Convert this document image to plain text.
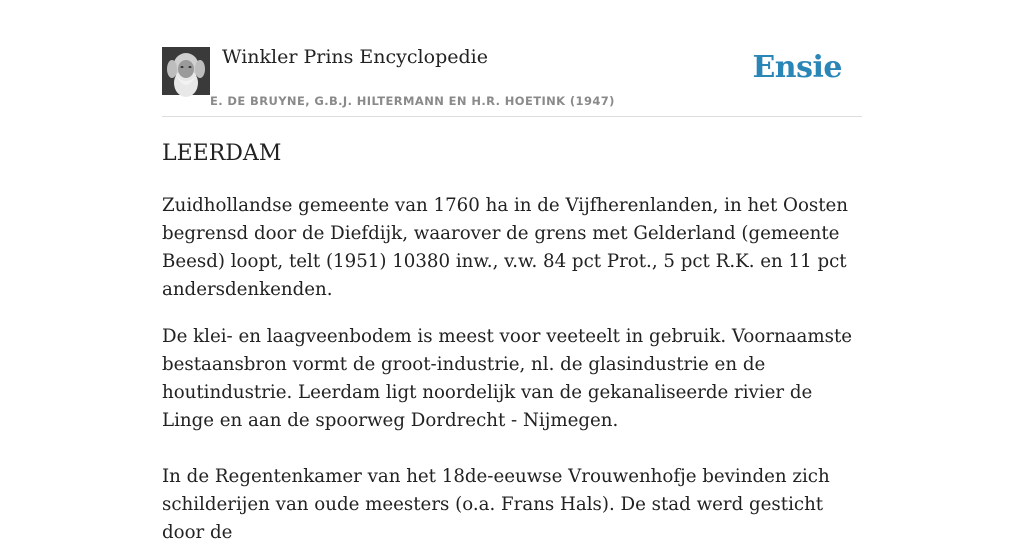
Winkler Prins Encyclopedie
E. DE BRUYNE, G.B.J. HILTERMANN EN H.R. HOETINK (1947)
Ensie
LEERDAM

Zuidhollandse gemeente van 1760 ha in de Vijfherenlanden, in het Oosten begrensd door de Diefdijk, waarover de grens met Gelderland (gemeente Beesd) loopt, telt (1951) 10380 inw., v.w. 84 pct Prot., 5 pct R.K. en 11 pct andersdenkenden.

De klei- en laagveenbodem is meest voor veeteelt in gebruik. Voornaamste bestaansbron vormt de groot-industrie, nl. de glasindustrie en de houtindustrie. Leerdam ligt noordelijk van de gekanaliseerde rivier de Linge en aan de spoorweg Dordrecht - Nijmegen.

In de Regentenkamer van het 18de-eeuwse Vrouwenhofje bevinden zich schilderijen van oude meesters (o.a. Frans Hals). De stad werd gesticht door de
